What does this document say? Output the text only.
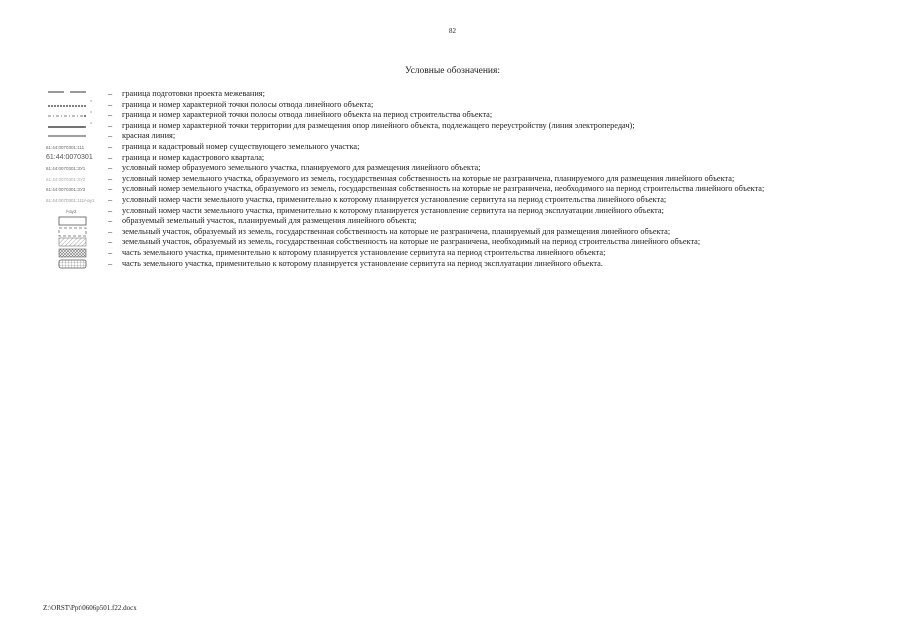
82
Условные обозначения:
–	граница подготовки проекта межевания;
–	граница и номер характерной точки полосы отвода линейного объекта;
–	граница и номер характерной точки полосы отвода линейного объекта на период строительства объекта;
–	граница и номер характерной точки территории для размещения опор линейного объекта, подлежащего переустройству (линия электропередач);
–	красная линия;
61:44:0070301:111	–	граница и кадастровый номер существующего земельного участка;
61:44:0070301 –	граница и номер кадастрового квартала;
61:44:0070301:ЗУ1	–	условный номер образуемого земельного участка, планируемого для размещения линейного объекта;
61:44:0070301:ЗУ2	–	условный номер земельного участка, образуемого из земель, государственная собственность на которые не разграничена, планируемого для размещения линейного объекта;
61:44:0070301:ЗУ3	–	условный номер земельного участка, образуемого из земель, государственная собственность на которые не разграничена, необходимого на период строительства линейного объекта;
61:44:0070301:111/чзу1 –	условный номер части земельного участка, применительно к которому планируется установление сервитута на период строительства линейного объекта;
/чзу2	–	условный номер части земельного участка, применительно к которому планируется установление сервитута на период эксплуатации линейного объекта;
–	образуемый земельный участок, планируемый для размещения линейного объекта;
–	земельный участок, образуемый из земель, государственная собственность на которые не разграничена, планируемый для размещения линейного объекта;
–	земельный участок, образуемый из земель, государственная собственность на которые не разграничена, необходимый на период строительства линейного объекта;
–	часть земельного участка, применительно к которому планируется установление сервитута на период строительства линейного объекта;
–	часть земельного участка, применительно к которому планируется установление сервитута на период эксплуатации линейного объекта.
Z:\ORST\Ppt\0606p501.f22.docx
